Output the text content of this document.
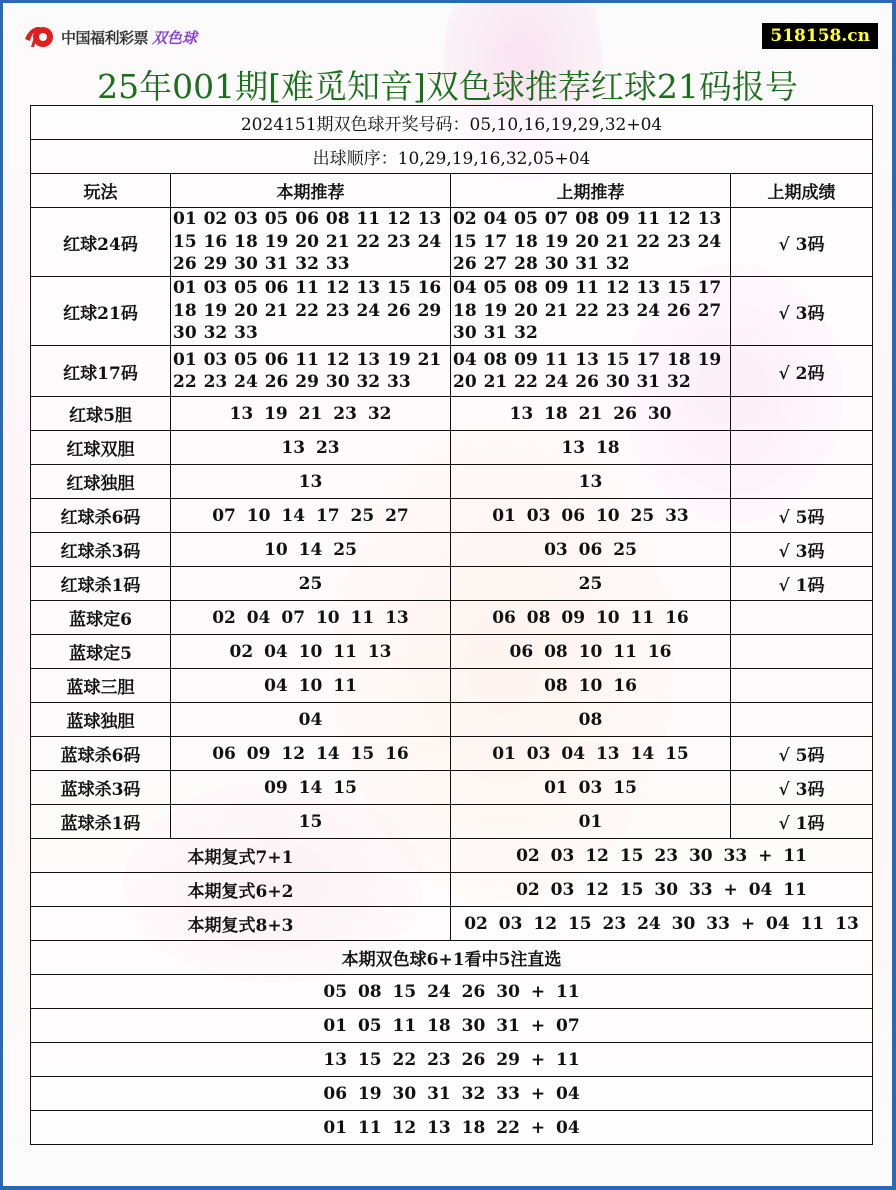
中国福利彩票 双色球	518158.cn
25年001期[难觅知音]双色球推荐红球21码报号
2024151期双色球开奖号码：05,10,16,19,29,32+04			
出球顺序：10,29,19,16,32,05+04			
玩法	本期推荐	上期推荐	上期成绩
红球24码	01 02 03 05 06 08 11 12 13 15 16 18 19 20 21 22 23 24 26 29 30 31 32 33	02 04 05 07 08 09 11 12 13 15 17 18 19 20 21 22 23 24 26 27 28 30 31 32	√ 3码
红球21码	01 03 05 06 11 12 13 15 16 18 19 20 21 22 23 24 26 29 30 32 33	04 05 08 09 11 12 13 15 17 18 19 20 21 22 23 24 26 27 30 31 32	√ 3码
红球17码	01 03 05 06 11 12 13 19 21 22 23 24 26 29 30 32 33	04 08 09 11 13 15 17 18 19 20 21 22 24 26 30 31 32	√ 2码
红球5胆	13 19 21 23 32	13 18 21 26 30	
红球双胆	13 23	13 18	
红球独胆	13	13	
红球杀6码	07 10 14 17 25 27	01 03 06 10 25 33	√ 5码
红球杀3码	10 14 25	03 06 25	√ 3码
红球杀1码	25	25	√ 1码
蓝球定6	02 04 07 10 11 13	06 08 09 10 11 16	
蓝球定5	02 04 10 11 13	06 08 10 11 16	
蓝球三胆	04 10 11	08 10 16	
蓝球独胆	04	08	
蓝球杀6码	06 09 12 14 15 16	01 03 04 13 14 15	√ 5码
蓝球杀3码	09 14 15	01 03 15	√ 3码
蓝球杀1码	15	01	√ 1码
本期复式7+1		02 03 12 15 23 30 33 + 11	
本期复式6+2		02 03 12 15 30 33 + 04 11	
本期复式8+3		02 03 12 15 23 24 30 33 + 04 11 13	
本期双色球6+1看中5注直选			
05 08 15 24 26 30 + 11			
01 05 11 18 30 31 + 07			
13 15 22 23 26 29 + 11			
06 19 30 31 32 33 + 04			
01 11 12 13 18 22 + 04			
